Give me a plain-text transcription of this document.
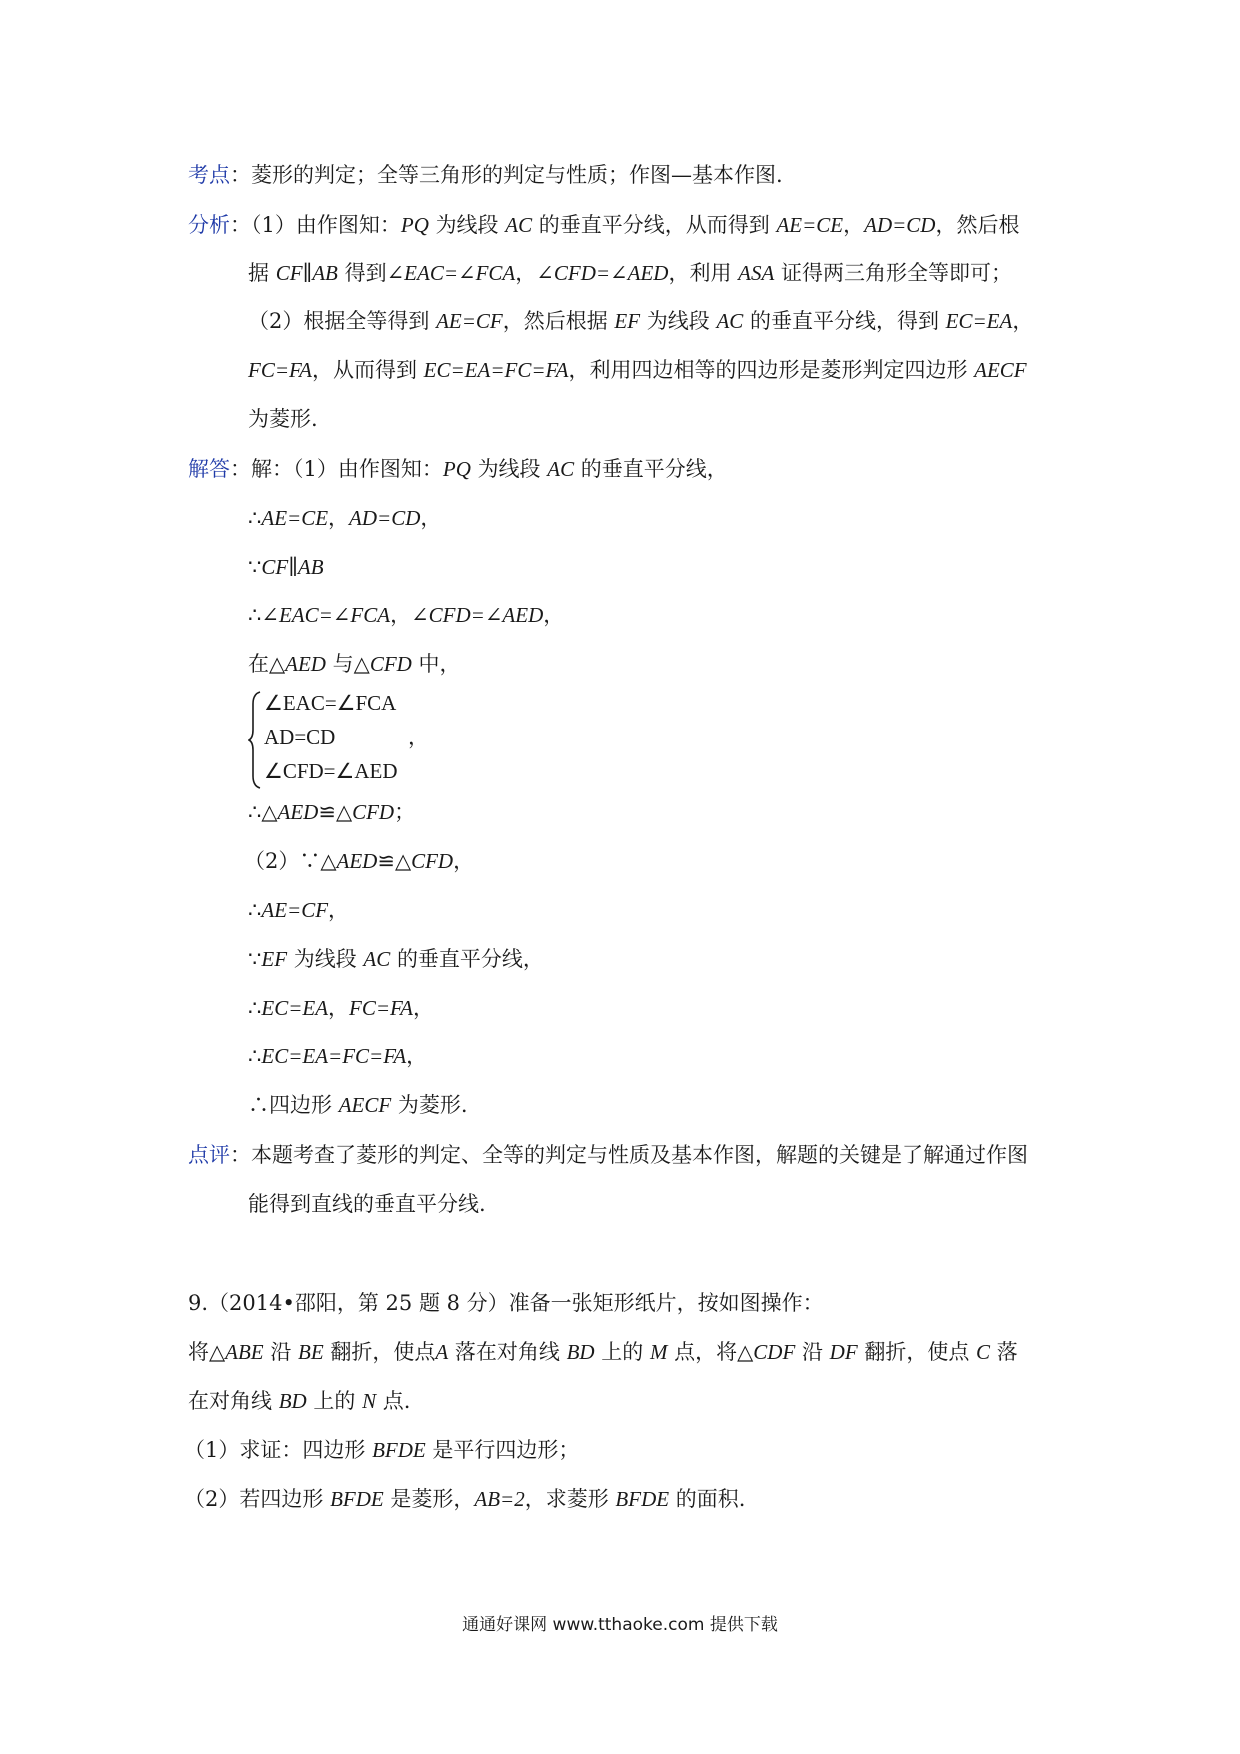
考点：菱形的判定；全等三角形的判定与性质；作图—基本作图.
分析：（1）由作图知：PQ 为线段 AC 的垂直平分线，从而得到 AE=CE，AD=CD，然后根
据 CF∥AB 得到∠EAC=∠FCA，∠CFD=∠AED，利用 ASA 证得两三角形全等即可；
（2）根据全等得到 AE=CF，然后根据 EF 为线段 AC 的垂直平分线，得到 EC=EA，
FC=FA，从而得到 EC=EA=FC=FA，利用四边相等的四边形是菱形判定四边形 AECF
为菱形.
解答：解：（1）由作图知：PQ 为线段 AC 的垂直平分线，
∴AE=CE，AD=CD，
∵CF∥AB
∴∠EAC=∠FCA，∠CFD=∠AED，
在△AED 与△CFD 中，
∠EAC=∠FCA
AD=CD
∠CFD=∠AED
，
∴△AED≌△CFD；
（2）∵△AED≌△CFD，
∴AE=CF，
∵EF 为线段 AC 的垂直平分线，
∴EC=EA，FC=FA，
∴EC=EA=FC=FA，
∴四边形 AECF 为菱形.
点评：本题考查了菱形的判定、全等的判定与性质及基本作图，解题的关键是了解通过作图
能得到直线的垂直平分线.
9.（2014•邵阳，第 25 题 8 分）准备一张矩形纸片，按如图操作：
将△ABE 沿 BE 翻折，使点A 落在对角线 BD 上的 M 点，将△CDF 沿 DF 翻折，使点 C 落
在对角线 BD 上的 N 点.
（1）求证：四边形 BFDE 是平行四边形；
（2）若四边形 BFDE 是菱形，AB=2，求菱形 BFDE 的面积.
通通好课网 www.tthaoke.com 提供下载
